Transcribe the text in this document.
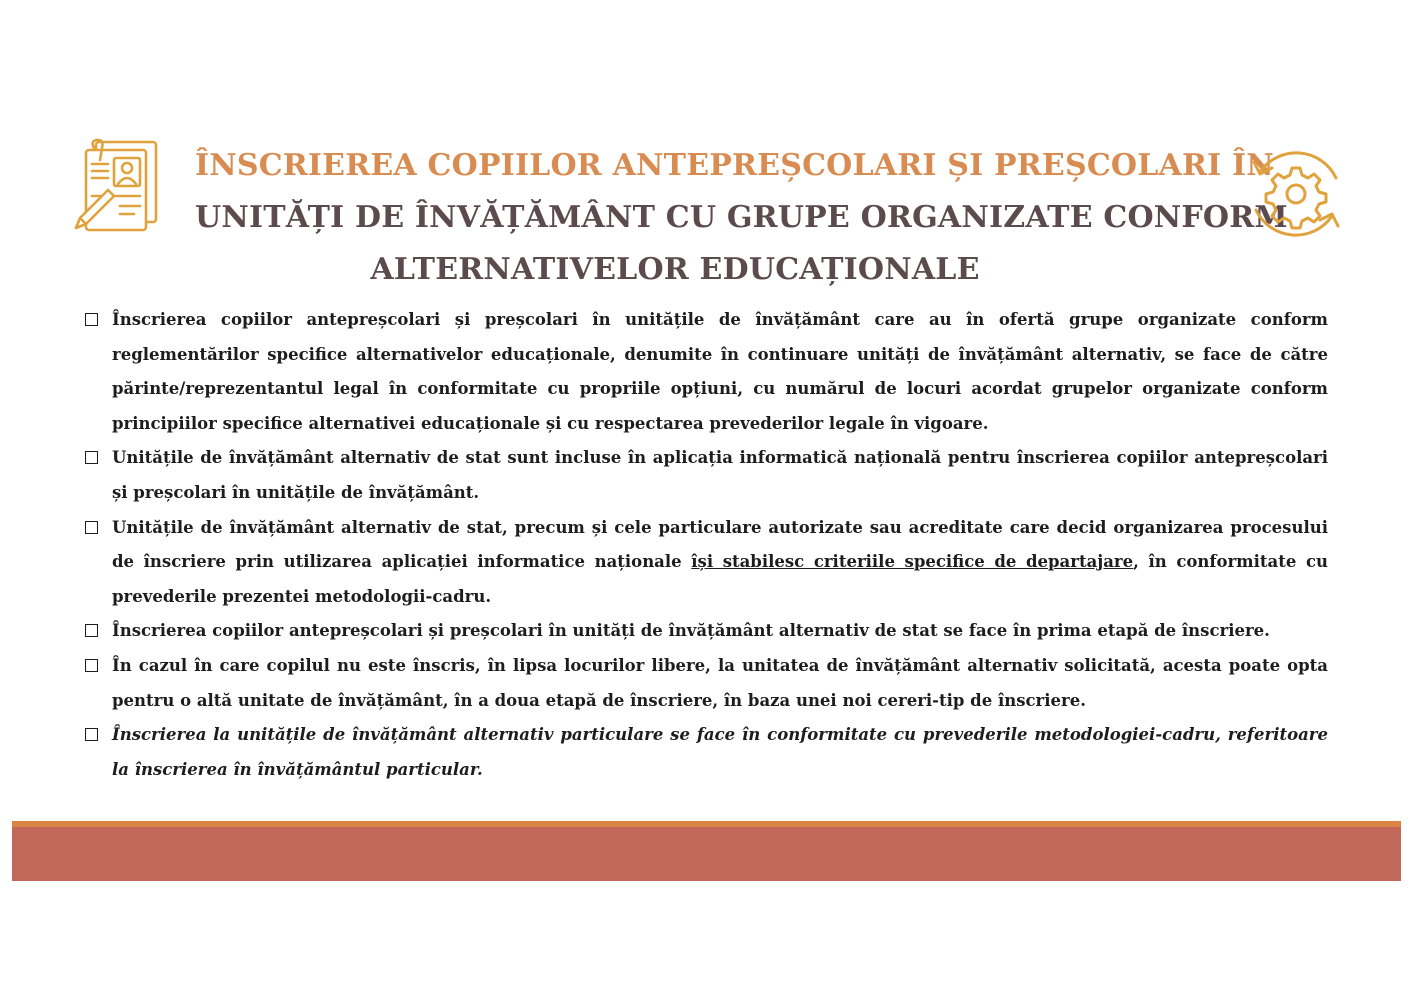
ÎNSCRIEREA COPIILOR ANTEPREȘCOLARI ȘI PREȘCOLARI ÎN
UNITĂȚI DE ÎNVĂȚĂMÂNT CU GRUPE ORGANIZATE CONFORM
ALTERNATIVELOR EDUCAȚIONALE
Înscrierea copiilor antepreșcolari și preșcolari în unitățile de învățământ care au în ofertă grupe organizate conform reglementărilor specifice alternativelor educaționale, denumite în continuare unități de învățământ alternativ, se face de către părinte/reprezentantul legal în conformitate cu propriile opțiuni, cu numărul de locuri acordat grupelor organizate conform principiilor specifice alternativei educaționale și cu respectarea prevederilor legale în vigoare.
Unitățile de învățământ alternativ de stat sunt incluse în aplicația informatică națională pentru înscrierea copiilor antepreșcolari și preșcolari în unitățile de învățământ.
Unitățile de învățământ alternativ de stat, precum și cele particulare autorizate sau acreditate care decid organizarea procesului de înscriere prin utilizarea aplicației informatice naționale își stabilesc criteriile specifice de departajare, în conformitate cu prevederile prezentei metodologii-cadru.
Înscrierea copiilor antepreșcolari și preșcolari în unități de învățământ alternativ de stat se face în prima etapă de înscriere.
În cazul în care copilul nu este înscris, în lipsa locurilor libere, la unitatea de învățământ alternativ solicitată, acesta poate opta pentru o altă unitate de învățământ, în a doua etapă de înscriere, în baza unei noi cereri-tip de înscriere.
Înscrierea la unitățile de învățământ alternativ particulare se face în conformitate cu prevederile metodologiei-cadru, referitoare la înscrierea în învățământul particular.
